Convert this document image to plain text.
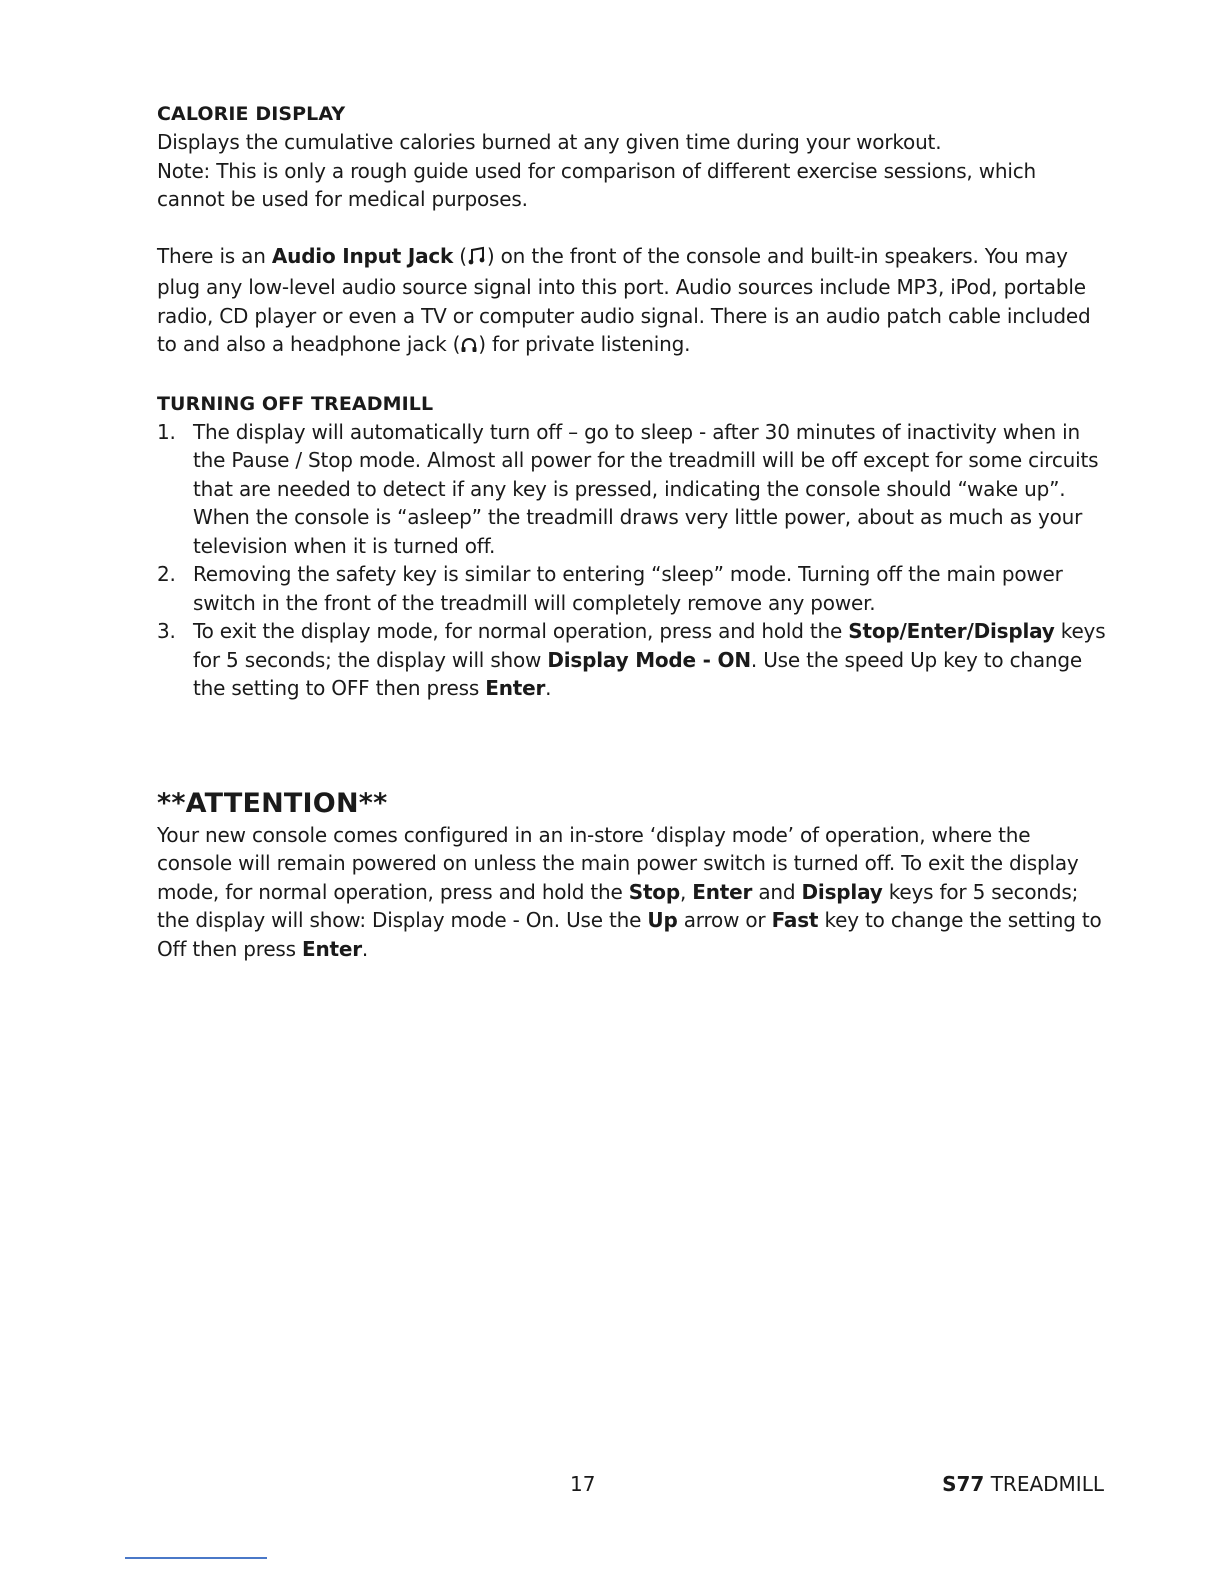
CALORIE DISPLAY

Displays the cumulative calories burned at any given time during your workout.

Note: This is only a rough guide used for comparison of different exercise sessions, which cannot be used for medical purposes.

There is an Audio Input Jack ( ) on the front of the console and built-in speakers. You may plug any low-level audio source signal into this port. Audio sources include MP3, iPod, portable radio, CD player or even a TV or computer audio signal. There is an audio patch cable included to and also a headphone jack ( ) for private listening.

TURNING OFF TREADMILL

1. The display will automatically turn off – go to sleep - after 30 minutes of inactivity when in the Pause / Stop mode. Almost all power for the treadmill will be off except for some circuits that are needed to detect if any key is pressed, indicating the console should “wake up”. When the console is “asleep” the treadmill draws very little power, about as much as your television when it is turned off.
2. Removing the safety key is similar to entering “sleep” mode. Turning off the main power switch in the front of the treadmill will completely remove any power.
3. To exit the display mode, for normal operation, press and hold the Stop/Enter/Display keys for 5 seconds; the display will show Display Mode - ON. Use the speed Up key to change the setting to OFF then press Enter.

**ATTENTION**

Your new console comes configured in an in-store ‘display mode’ of operation, where the console will remain powered on unless the main power switch is turned off. To exit the display mode, for normal operation, press and hold the Stop, Enter and Display keys for 5 seconds; the display will show: Display mode - On. Use the Up arrow or Fast key to change the setting to Off then press Enter.

17	S77 TREADMILL
